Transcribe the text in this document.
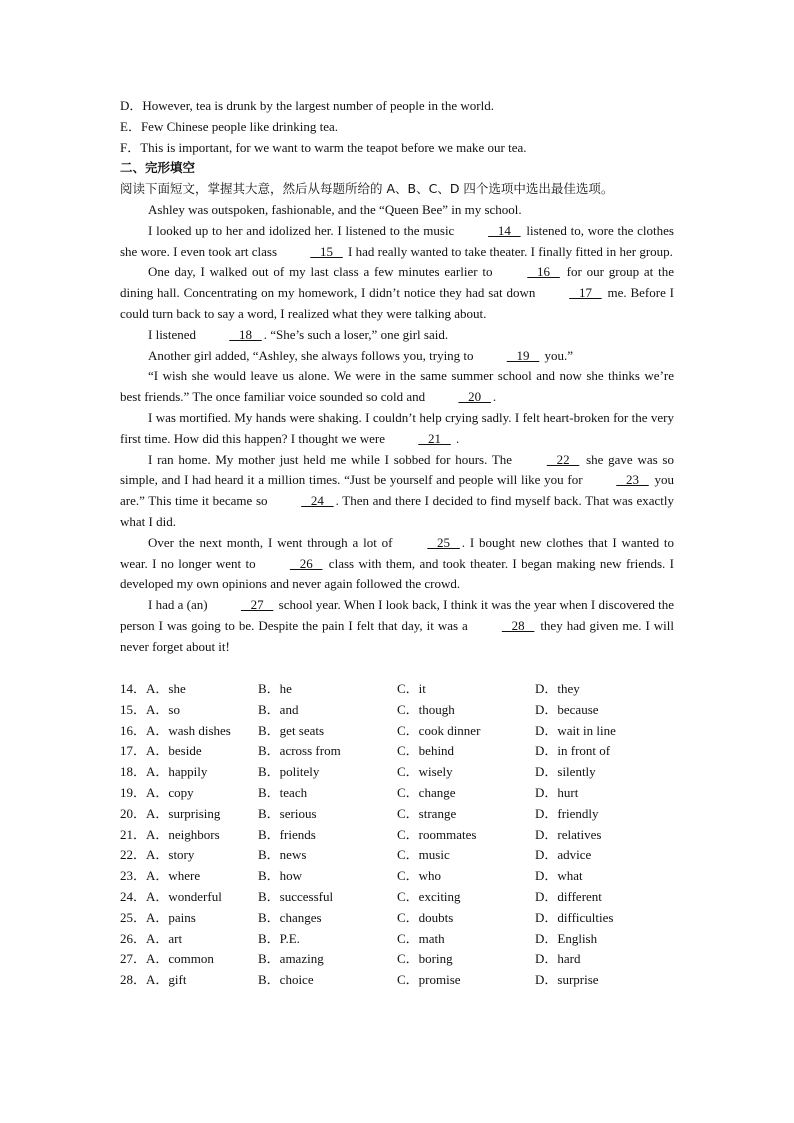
D．However, tea is drunk by the largest number of people in the world.
E．Few Chinese people like drinking tea.
F．This is important, for we want to warm the teapot before we make our tea.
二、完形填空
阅读下面短文，掌握其大意，然后从每题所给的 A、B、C、D 四个选项中选出最佳选项。

Ashley was outspoken, fashionable, and the “Queen Bee” in my school.

I looked up to her and idolized her. I listened to the music    14    listened to, wore the clothes she wore. I even took art class    15    I had really wanted to take theater. I finally fitted in her group.

One day, I walked out of my last class a few minutes earlier to    16    for our group at the dining hall. Concentrating on my homework, I didn’t notice they had sat down    17    me. Before I could turn back to say a word, I realized what they were talking about.

I listened    18   . “She’s such a loser,” one girl said.

Another girl added, “Ashley, she always follows you, trying to    19    you.”

“I wish she would leave us alone. We were in the same summer school and now she thinks we’re best friends.” The once familiar voice sounded so cold and    20   .

I was mortified. My hands were shaking. I couldn’t help crying sadly. I felt heart-broken for the very first time. How did this happen? I thought we were    21    .

I ran home. My mother just held me while I sobbed for hours. The    22    she gave was so simple, and I had heard it a million times. “Just be yourself and people will like you for    23    you are.” This time it became so    24   . Then and there I decided to find myself back. That was exactly what I did.

Over the next month, I went through a lot of    25   . I bought new clothes that I wanted to wear. I no longer went to    26    class with them, and took theater. I began making new friends. I developed my own opinions and never again followed the crowd.

I had a (an)    27    school year. When I look back, I think it was the year when I discovered the person I was going to be. Despite the pain I felt that day, it was a    28    they had given me. I will never forget about it!

14．A．she	B．he	C．it	D．they
15．A．so	B．and	C．though	D．because
16．A．wash dishes B．get seats	C．cook dinner	D．wait in line
17．A．beside	B．across from	C．behind	D．in front of
18．A．happily	B．politely	C．wisely	D．silently
19．A．copy	B．teach	C．change	D．hurt
20．A．surprising	B．serious	C．strange	D．friendly
21．A．neighbors	B．friends	C．roommates	D．relatives
22．A．story	B．news	C．music	D．advice
23．A．where	B．how	C．who	D．what
24．A．wonderful	B．successful	C．exciting	D．different
25．A．pains	B．changes	C．doubts	D．difficulties
26．A．art	B．P.E.	C．math	D．English
27．A．common	B．amazing	C．boring	D．hard
28．A．gift	B．choice	C．promise	D．surprise
